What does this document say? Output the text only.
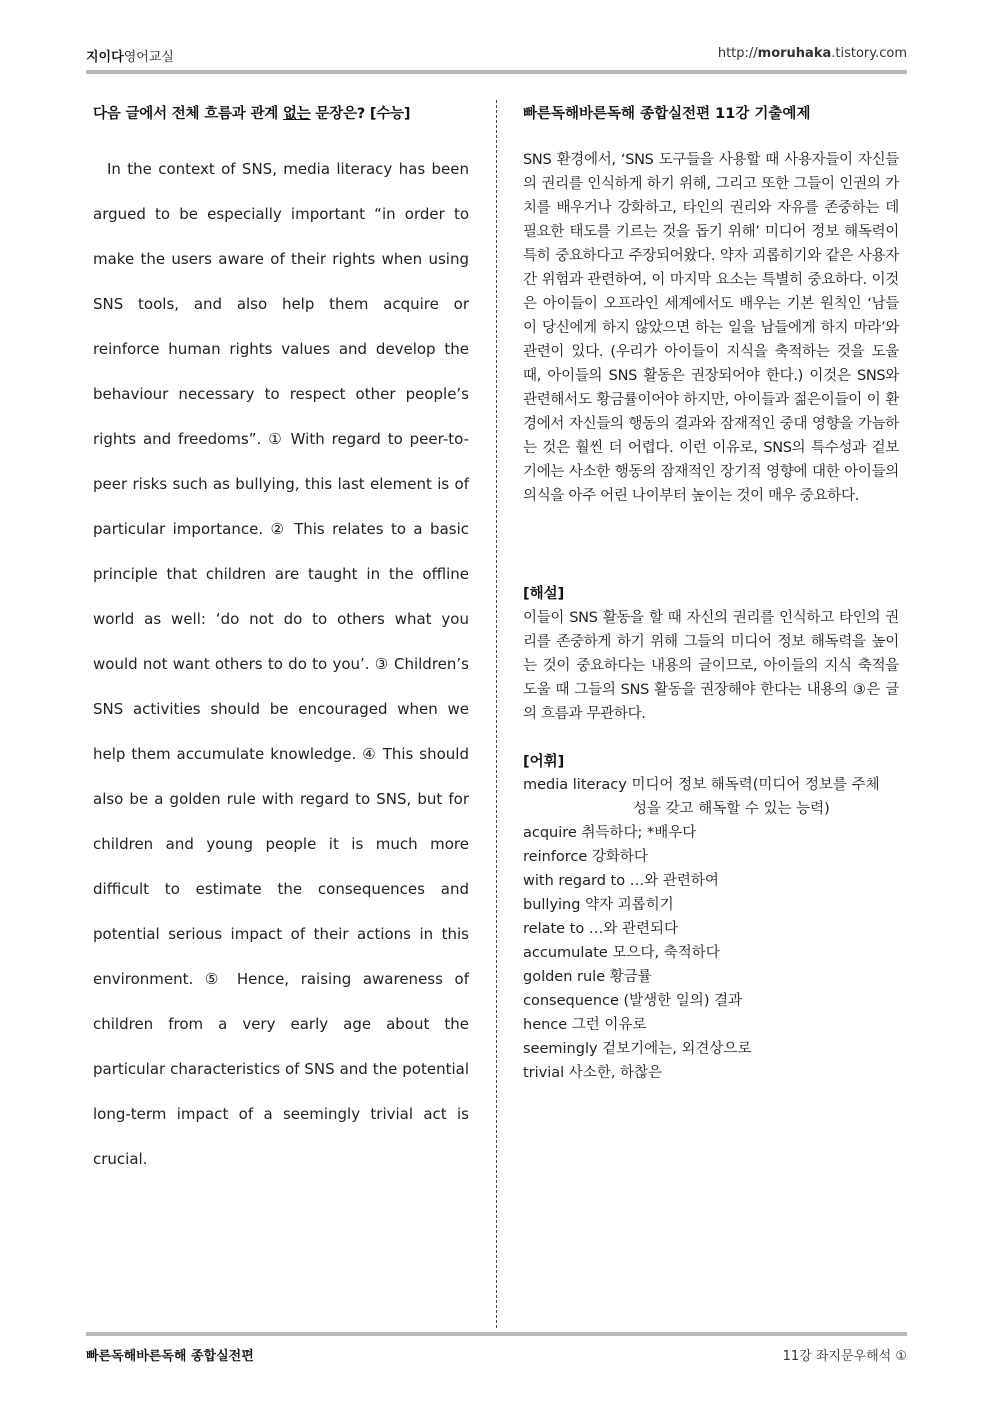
지이다영어교실	http://moruhaka.tistory.com
다음 글에서 전체 흐름과 관계 없는 문장은? [수능]
In the context of SNS, media literacy has been argued to be especially important “in order to make the users aware of their rights when using SNS tools, and also help them acquire or reinforce human rights values and develop the behaviour necessary to respect other people’s rights and freedoms”. ① With regard to peer-to-peer risks such as bullying, this last element is of particular importance. ② This relates to a basic principle that children are taught in the offline world as well: ‘do not do to others what you would not want others to do to you’. ③ Children’s SNS activities should be encouraged when we help them accumulate knowledge. ④ This should also be a golden rule with regard to SNS, but for children and young people it is much more difficult to estimate the consequences and potential serious impact of their actions in this environment. ⑤ Hence, raising awareness of children from a very early age about the particular characteristics of SNS and the potential long-term impact of a seemingly trivial act is crucial.
빠른독해바른독해 종합실전편 11강 기출예제
SNS 환경에서, ‘SNS 도구들을 사용할 때 사용자들이 자신들의 권리를 인식하게 하기 위해, 그리고 또한 그들이 인권의 가치를 배우거나 강화하고, 타인의 권리와 자유를 존중하는 데 필요한 태도를 기르는 것을 돕기 위해’ 미디어 정보 해독력이 특히 중요하다고 주장되어왔다. 약자 괴롭히기와 같은 사용자 간 위험과 관련하여, 이 마지막 요소는 특별히 중요하다. 이것은 아이들이 오프라인 세계에서도 배우는 기본 원칙인 ‘남들이 당신에게 하지 않았으면 하는 일을 남들에게 하지 마라’와 관련이 있다. (우리가 아이들이 지식을 축적하는 것을 도울 때, 아이들의 SNS 활동은 권장되어야 한다.) 이것은 SNS와 관련해서도 황금률이어야 하지만, 아이들과 젊은이들이 이 환경에서 자신들의 행동의 결과와 잠재적인 중대 영향을 가늠하는 것은 훨씬 더 어렵다. 이런 이유로, SNS의 특수성과 겉보기에는 사소한 행동의 잠재적인 장기적 영향에 대한 아이들의 의식을 아주 어린 나이부터 높이는 것이 매우 중요하다.
[해설]
이들이 SNS 활동을 할 때 자신의 권리를 인식하고 타인의 권리를 존중하게 하기 위해 그들의 미디어 정보 해독력을 높이는 것이 중요하다는 내용의 글이므로, 아이들의 지식 축적을 도울 때 그들의 SNS 활동을 권장해야 한다는 내용의 ③은 글의 흐름과 무관하다.
[어휘]
media literacy 미디어 정보 해독력(미디어 정보를 주체
성을 갖고 해독할 수 있는 능력)
acquire 취득하다; *배우다
reinforce 강화하다
with regard to …와 관련하여
bullying 약자 괴롭히기
relate to …와 관련되다
accumulate 모으다, 축적하다
golden rule 황금률
consequence (발생한 일의) 결과
hence 그런 이유로
seemingly 겉보기에는, 외견상으로
trivial 사소한, 하찮은
빠른독해바른독해 종합실전편	11강 좌지문우해석 ①
